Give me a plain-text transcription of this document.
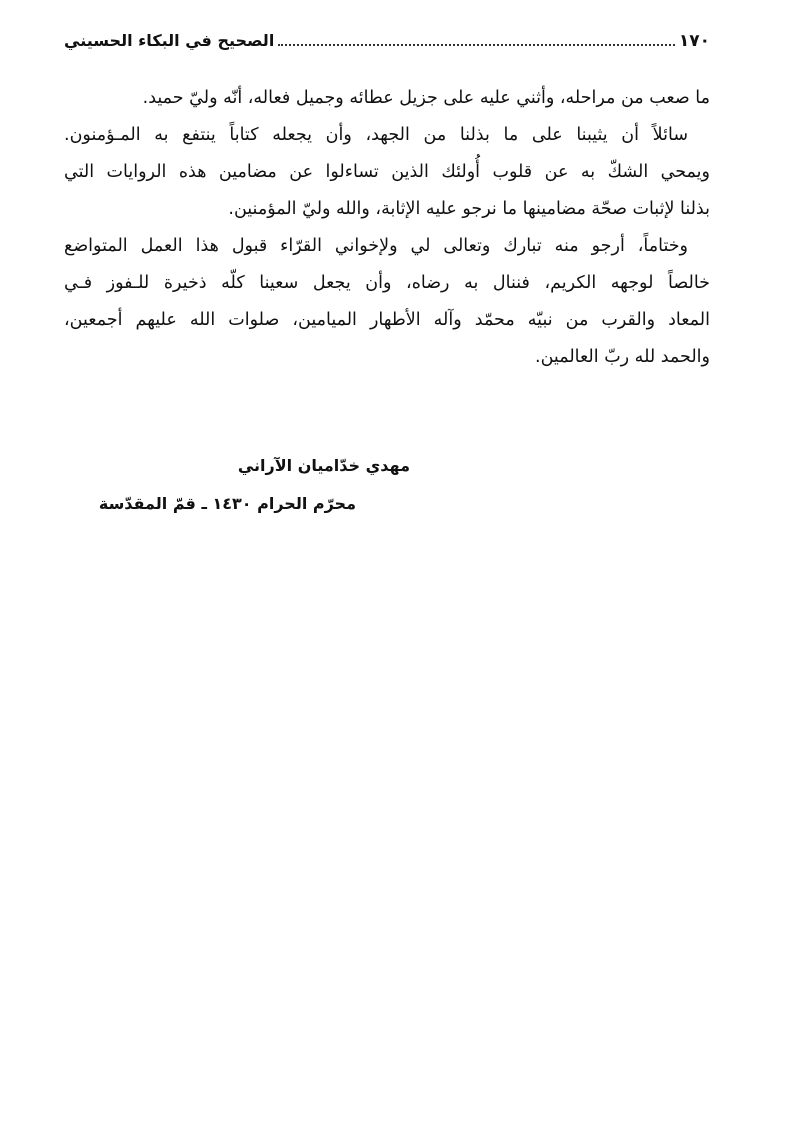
١٧٠
الصحيح في البكاء الحسيني
ما صعب من مراحله، وأثني عليه على جزيل عطائه وجميل فعاله، أنّه وليّ حميد.
سائلاً أن يثيبنا على ما بذلنا من الجهد، وأن يجعله كتاباً ينتفع به المـؤمنون.
ويمحي الشكّ به عن قلوب أُولئك الذين تساءلوا عن مضامين هذه الروايات التي
بذلنا لإثبات صحّة مضامينها ما نرجو عليه الإثابة، والله وليّ المؤمنين.
وختاماً، أرجو منه تبارك وتعالى لي ولإخواني القرّاء قبول هذا العمل المتواضع
خالصاً لوجهه الكريم، فننال به رضاه، وأن يجعل سعينا كلّه ذخيرة للـفوز فـي
المعاد والقرب من نبيّه محمّد وآله الأطهار الميامين، صلوات الله عليهم أجمعين،
والحمد لله ربّ العالمين.
مهدي خدّاميان الآراني
محرّم الحرام ١٤٣٠ ـ قمّ المقدّسة
